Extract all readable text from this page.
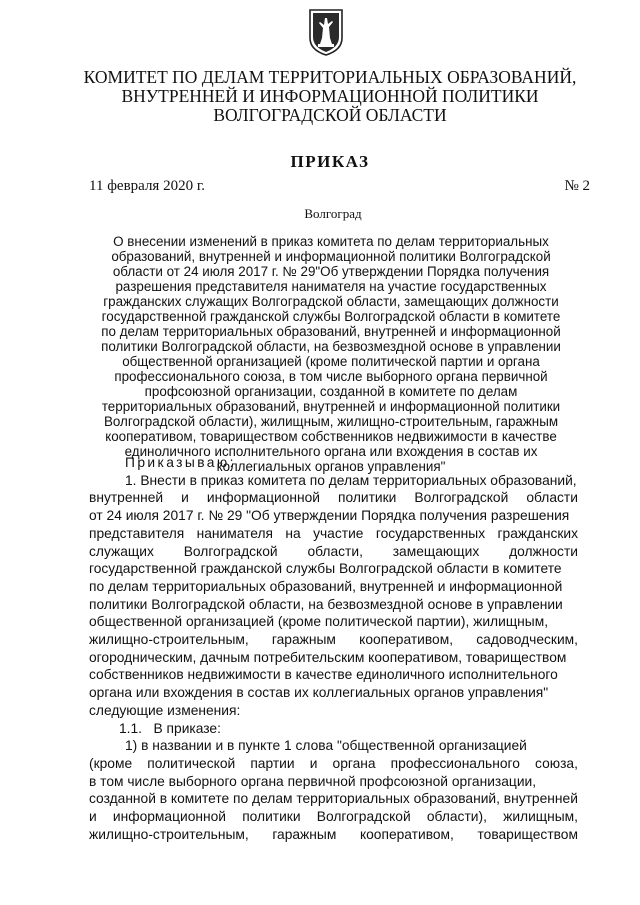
КОМИТЕТ ПО ДЕЛАМ ТЕРРИТОРИАЛЬНЫХ ОБРАЗОВАНИЙ,
ВНУТРЕННЕЙ И ИНФОРМАЦИОННОЙ ПОЛИТИКИ
ВОЛГОГРАДСКОЙ ОБЛАСТИ
ПРИКАЗ
11 февраля 2020 г.	№ 2
Волгоград
О внесении изменений в приказ комитета по делам территориальных
образований, внутренней и информационной политики Волгоградской
области от 24 июля 2017 г. № 29"Об утверждении Порядка получения
разрешения представителя нанимателя на участие государственных
гражданских служащих Волгоградской области, замещающих должности
государственной гражданской службы Волгоградской области в комитете
по делам территориальных образований, внутренней и информационной
политики Волгоградской области, на безвозмездной основе в управлении
общественной организацией (кроме политической партии и органа
профессионального союза, в том числе выборного органа первичной
профсоюзной организации, созданной в комитете по делам
территориальных образований, внутренней и информационной политики
Волгоградской области), жилищным, жилищно-строительным, гаражным
кооперативом, товариществом собственников недвижимости в качестве
единоличного исполнительного органа или вхождения в состав их
коллегиальных органов управления"
Приказываю:
1. Внести в приказ комитета по делам территориальных образований,
внутренней и информационной политики Волгоградской области
от 24 июля 2017 г. № 29 "Об утверждении Порядка получения разрешения
представителя нанимателя на участие государственных гражданских
служащих Волгоградской области, замещающих должности
государственной гражданской службы Волгоградской области в комитете
по делам территориальных образований, внутренней и информационной
политики Волгоградской области, на безвозмездной основе в управлении
общественной организацией (кроме политической партии), жилищным,
жилищно-строительным, гаражным кооперативом, садоводческим,
огородническим, дачным потребительским кооперативом, товариществом
собственников недвижимости в качестве единоличного исполнительного
органа или вхождения в состав их коллегиальных органов управления"
следующие изменения:
1.1.   В приказе:
1) в названии и в пункте 1 слова "общественной организацией
(кроме политической партии и органа профессионального союза,
в том числе выборного органа первичной профсоюзной организации,
созданной в комитете по делам территориальных образований, внутренней
и информационной политики Волгоградской области), жилищным,
жилищно-строительным, гаражным кооперативом, товариществом
